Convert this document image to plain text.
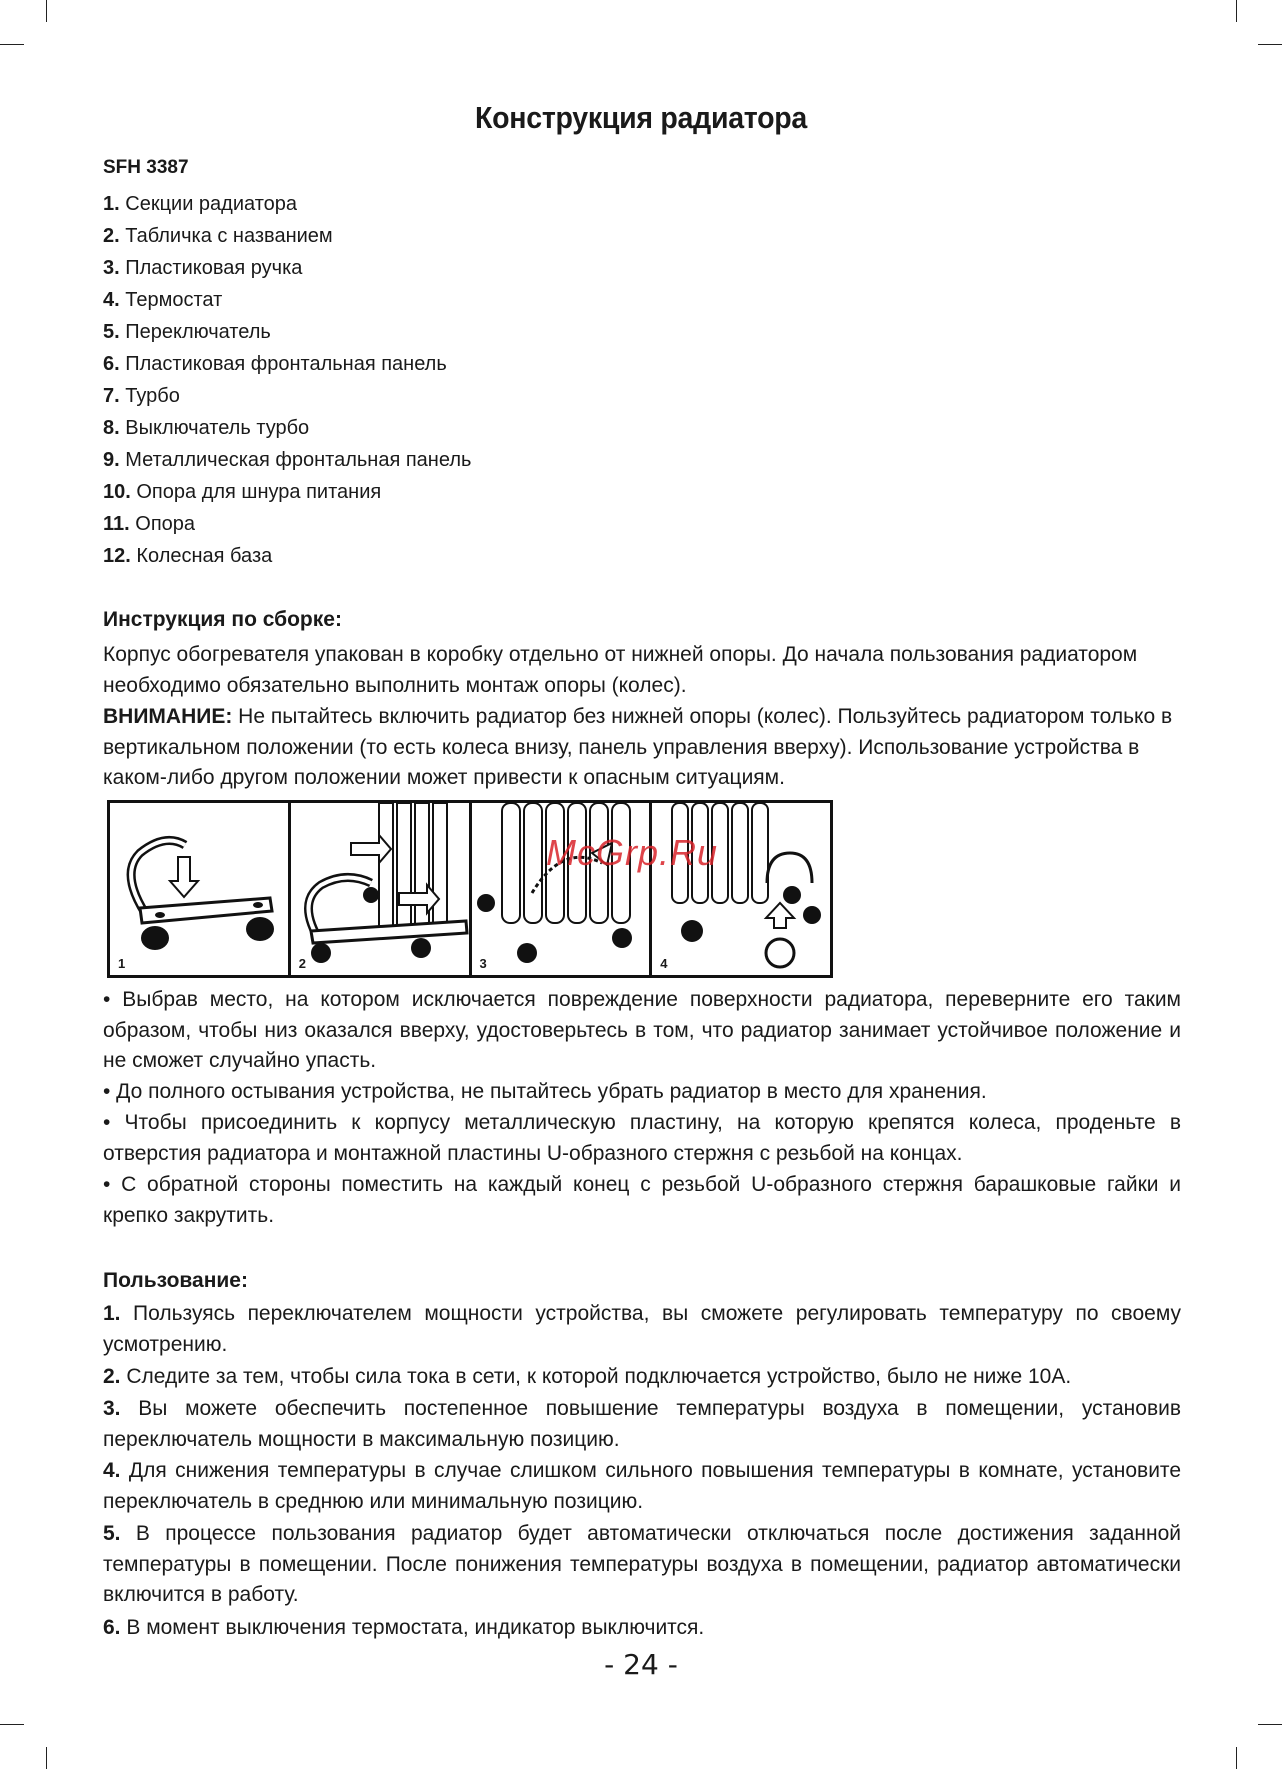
Конструкция радиатора
SFH 3387
1. Секции радиатора
2. Табличка с названием
3. Пластиковая ручка
4. Термостат
5. Переключатель
6. Пластиковая фронтальная панель
7. Турбо
8. Выключатель турбо
9. Металлическая фронтальная панель
10. Опора для шнура питания
11. Опора
12. Колесная база
Инструкция по сборке:

Корпус обогревателя упакован в коробку отдельно от нижней опоры. До начала пользования радиатором необходимо обязательно выполнить монтаж опоры (колес).

ВНИМАНИЕ: Не пытайтесь включить радиатор без нижней опоры (колес). Пользуйтесь радиатором только в вертикальном положении (то есть колеса внизу, панель управления вверху). Использование устройства в каком-либо другом положении может привести к опасным ситуациям.

1	2	3	4
McGrp.Ru

• Выбрав место, на котором исключается повреждение поверхности радиатора, переверните его таким образом, чтобы низ оказался вверху, удостоверьтесь в том, что радиатор занимает устойчивое положение и не сможет случайно упасть.

• До полного остывания устройства, не пытайтесь убрать радиатор в место для хранения.

• Чтобы присоединить к корпусу металлическую пластину, на которую крепятся колеса, проденьте в отверстия радиатора и монтажной пластины U-образного стержня с резьбой на концах.

• С обратной стороны поместить на каждый конец с резьбой U-образного стержня барашковые гайки и крепко закрутить.

Пользование:

1. Пользуясь переключателем мощности устройства, вы сможете регулировать температуру по своему усмотрению.

2. Следите за тем, чтобы сила тока в сети, к которой подключается устройство, было не ниже 10А.

3. Вы можете обеспечить постепенное повышение температуры воздуха в помещении, установив переключатель мощности в максимальную позицию.

4. Для снижения температуры в случае слишком сильного повышения температуры в комнате, установите переключатель в среднюю или минимальную позицию.

5. В процессе пользования радиатор будет автоматически отключаться после достижения заданной температуры в помещении. После понижения температуры воздуха в помещении, радиатор автоматически включится в работу.

6. В момент выключения термостата, индикатор выключится.

- 24 -
